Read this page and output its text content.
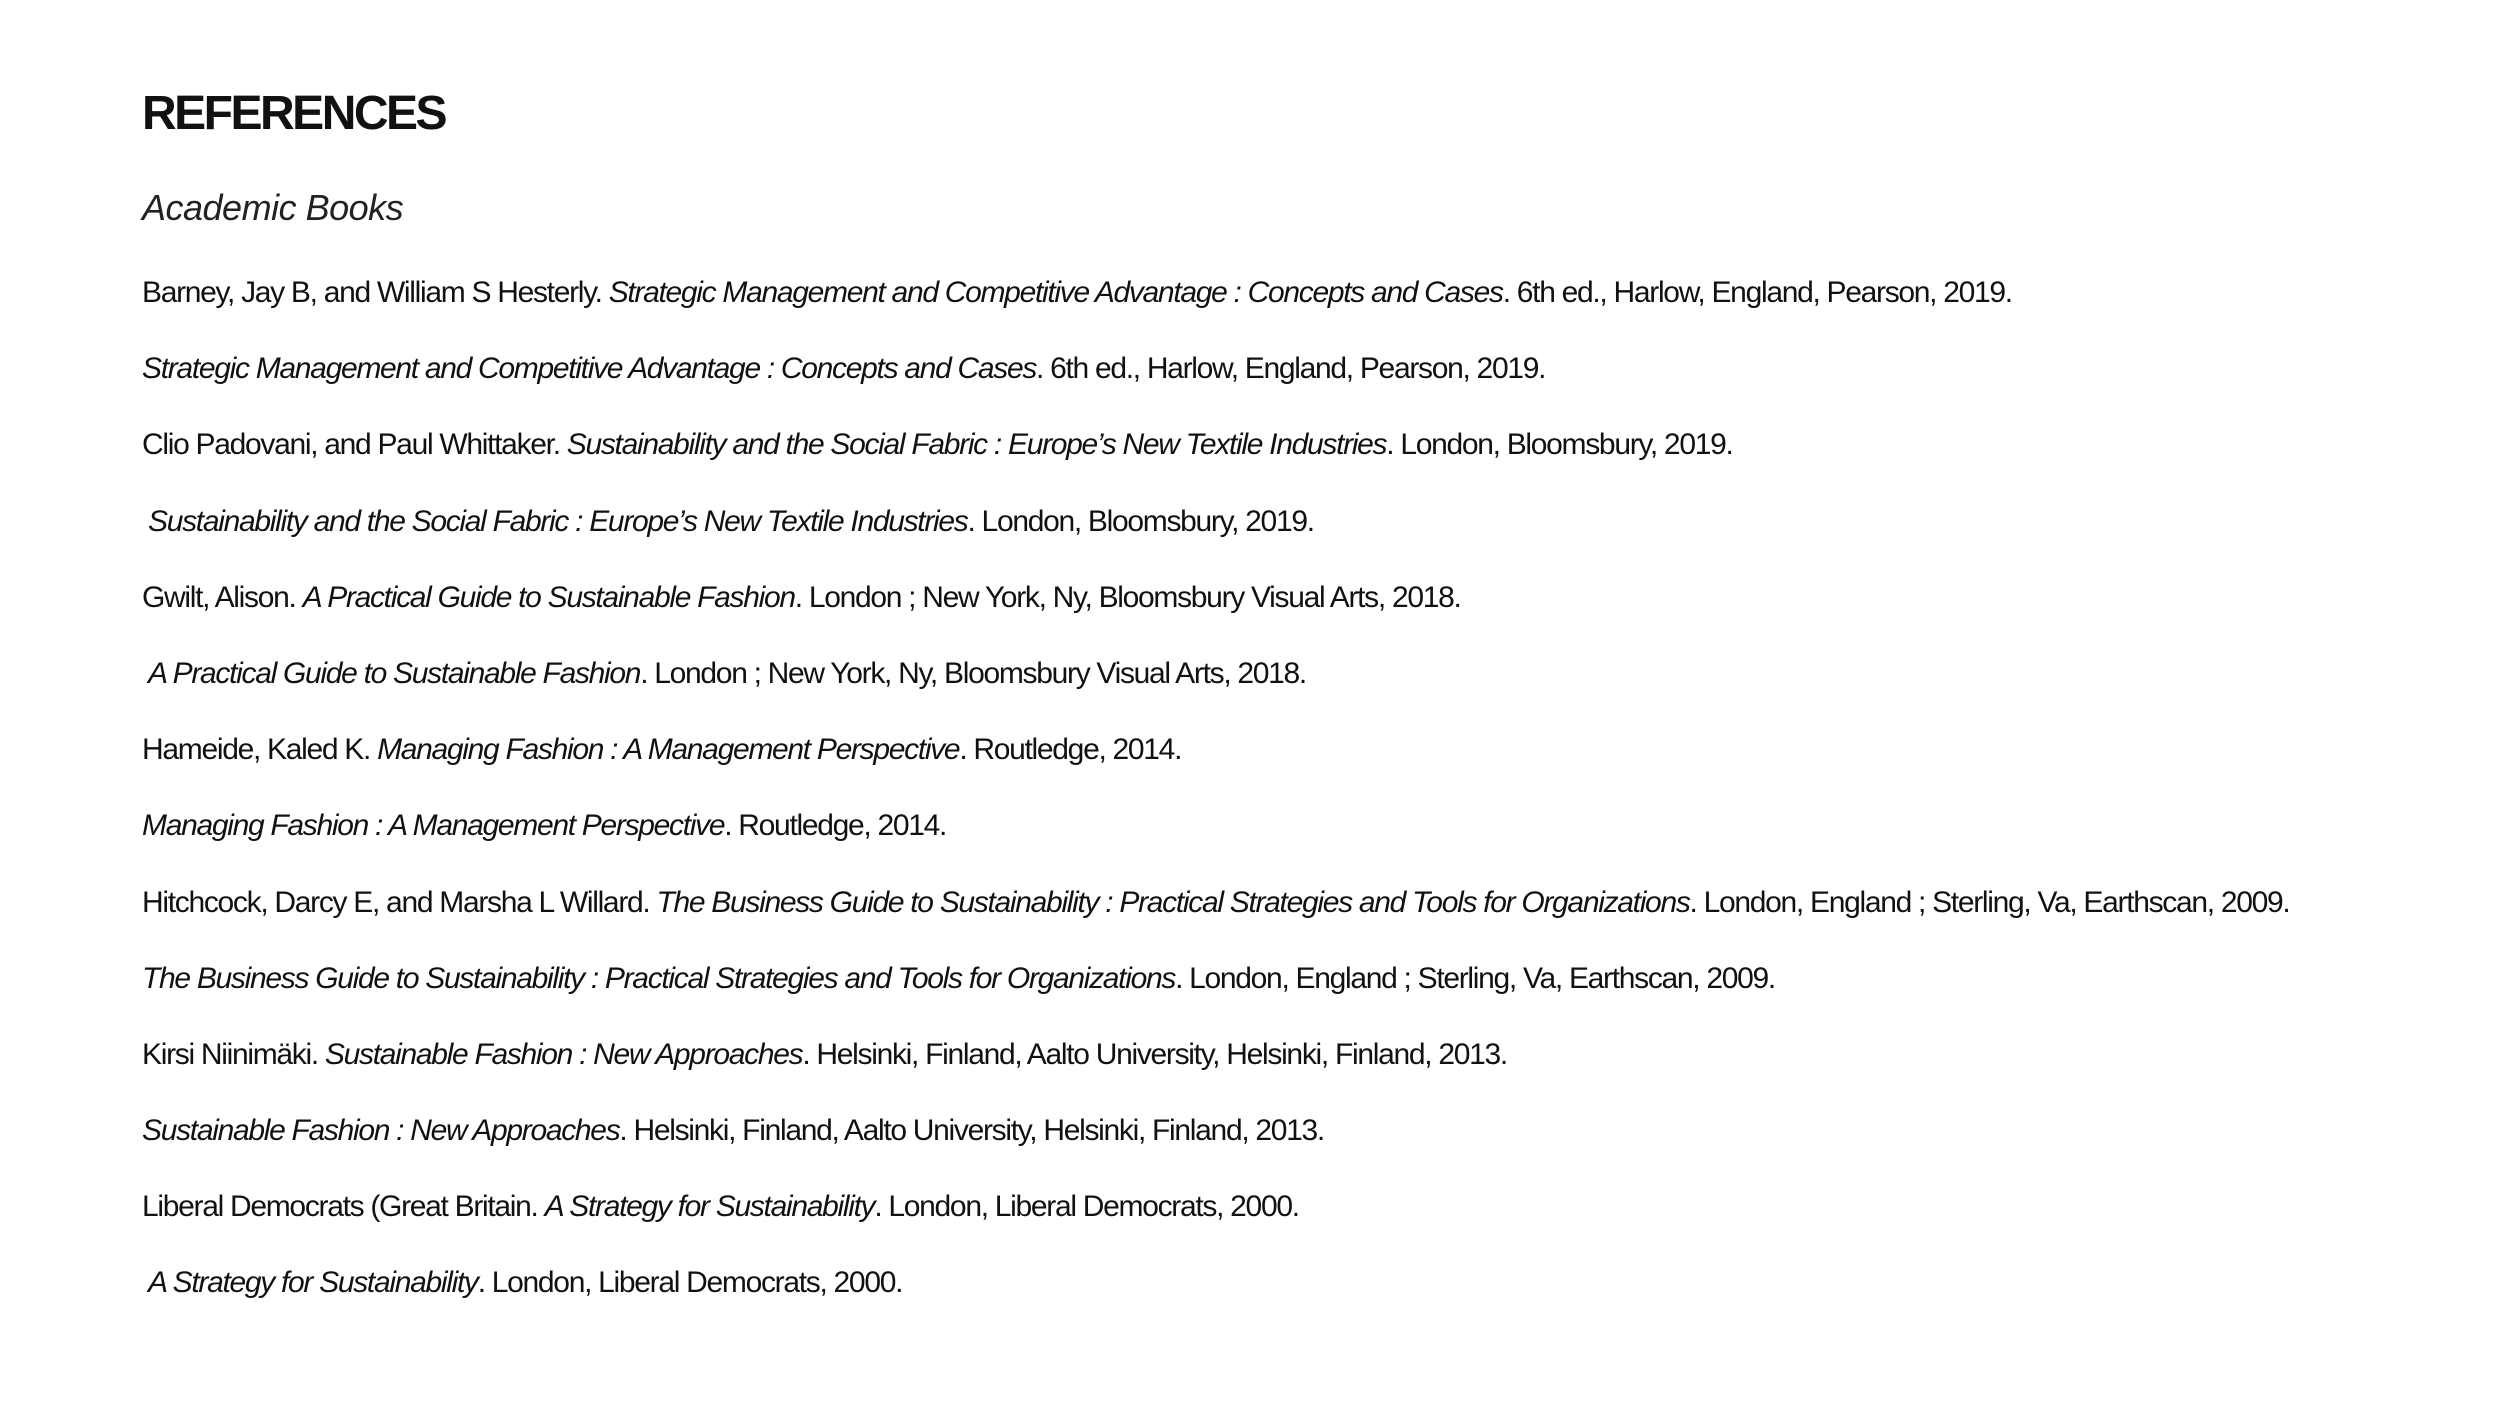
REFERENCES
Academic Books
Barney, Jay B, and William S Hesterly. Strategic Management and Competitive Advantage : Concepts and Cases. 6th ed., Harlow, England, Pearson, 2019.
Strategic Management and Competitive Advantage : Concepts and Cases. 6th ed., Harlow, England, Pearson, 2019.
Clio Padovani, and Paul Whittaker. Sustainability and the Social Fabric : Europe’s New Textile Industries. London, Bloomsbury, 2019.
Sustainability and the Social Fabric : Europe’s New Textile Industries. London, Bloomsbury, 2019.
Gwilt, Alison. A Practical Guide to Sustainable Fashion. London ; New York, Ny, Bloomsbury Visual Arts, 2018.
A Practical Guide to Sustainable Fashion. London ; New York, Ny, Bloomsbury Visual Arts, 2018.
Hameide, Kaled K. Managing Fashion : A Management Perspective. Routledge, 2014.
Managing Fashion : A Management Perspective. Routledge, 2014.
Hitchcock, Darcy E, and Marsha L Willard. The Business Guide to Sustainability : Practical Strategies and Tools for Organizations. London, England ; Sterling, Va, Earthscan, 2009.
The Business Guide to Sustainability : Practical Strategies and Tools for Organizations. London, England ; Sterling, Va, Earthscan, 2009.
Kirsi Niinimäki. Sustainable Fashion : New Approaches. Helsinki, Finland, Aalto University, Helsinki, Finland, 2013.
Sustainable Fashion : New Approaches. Helsinki, Finland, Aalto University, Helsinki, Finland, 2013.
Liberal Democrats (Great Britain. A Strategy for Sustainability. London, Liberal Democrats, 2000.
A Strategy for Sustainability. London, Liberal Democrats, 2000.
